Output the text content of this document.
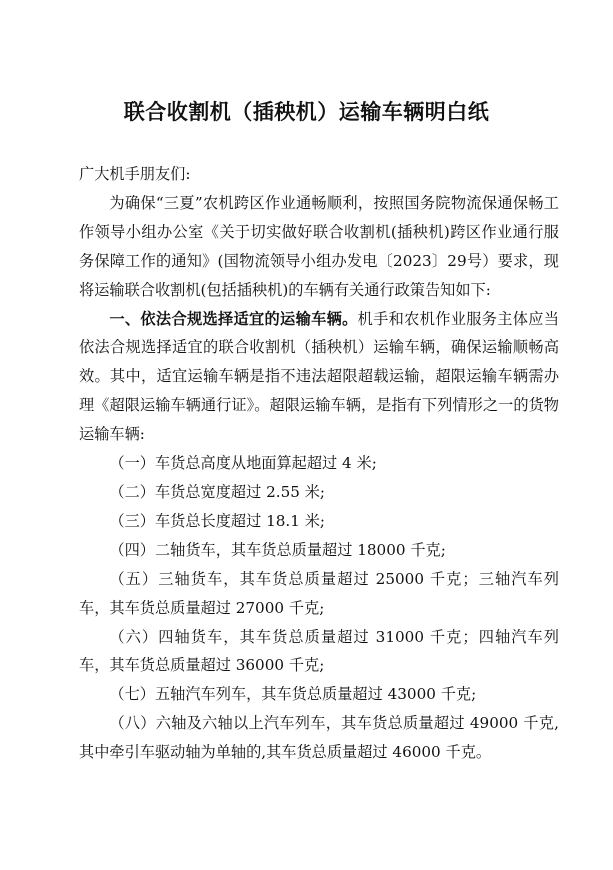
联合收割机（插秧机）运输车辆明白纸

广大机手朋友们:

为确保“三夏”农机跨区作业通畅顺利，按照国务院物流保通保畅工作领导小组办公室《关于切实做好联合收割机(插秧机)跨区作业通行服务保障工作的通知》(国物流领导小组办发电〔2023〕29号）要求，现将运输联合收割机(包括插秧机)的车辆有关通行政策告知如下:

一、依法合规选择适宜的运输车辆。机手和农机作业服务主体应当依法合规选择适宜的联合收割机（插秧机）运输车辆，确保运输顺畅高效。其中，适宜运输车辆是指不违法超限超载运输，超限运输车辆需办理《超限运输车辆通行证》。超限运输车辆，是指有下列情形之一的货物运输车辆:

（一）车货总高度从地面算起超过 4 米;

（二）车货总宽度超过 2.55 米;

（三）车货总长度超过 18.1 米;

（四）二轴货车，其车货总质量超过 18000 千克;

（五）三轴货车，其车货总质量超过 25000 千克；三轴汽车列车，其车货总质量超过 27000 千克;

（六）四轴货车，其车货总质量超过 31000 千克；四轴汽车列车，其车货总质量超过 36000 千克;

（七）五轴汽车列车，其车货总质量超过 43000 千克;

（八）六轴及六轴以上汽车列车，其车货总质量超过 49000 千克,其中牵引车驱动轴为单轴的,其车货总质量超过 46000 千克。
